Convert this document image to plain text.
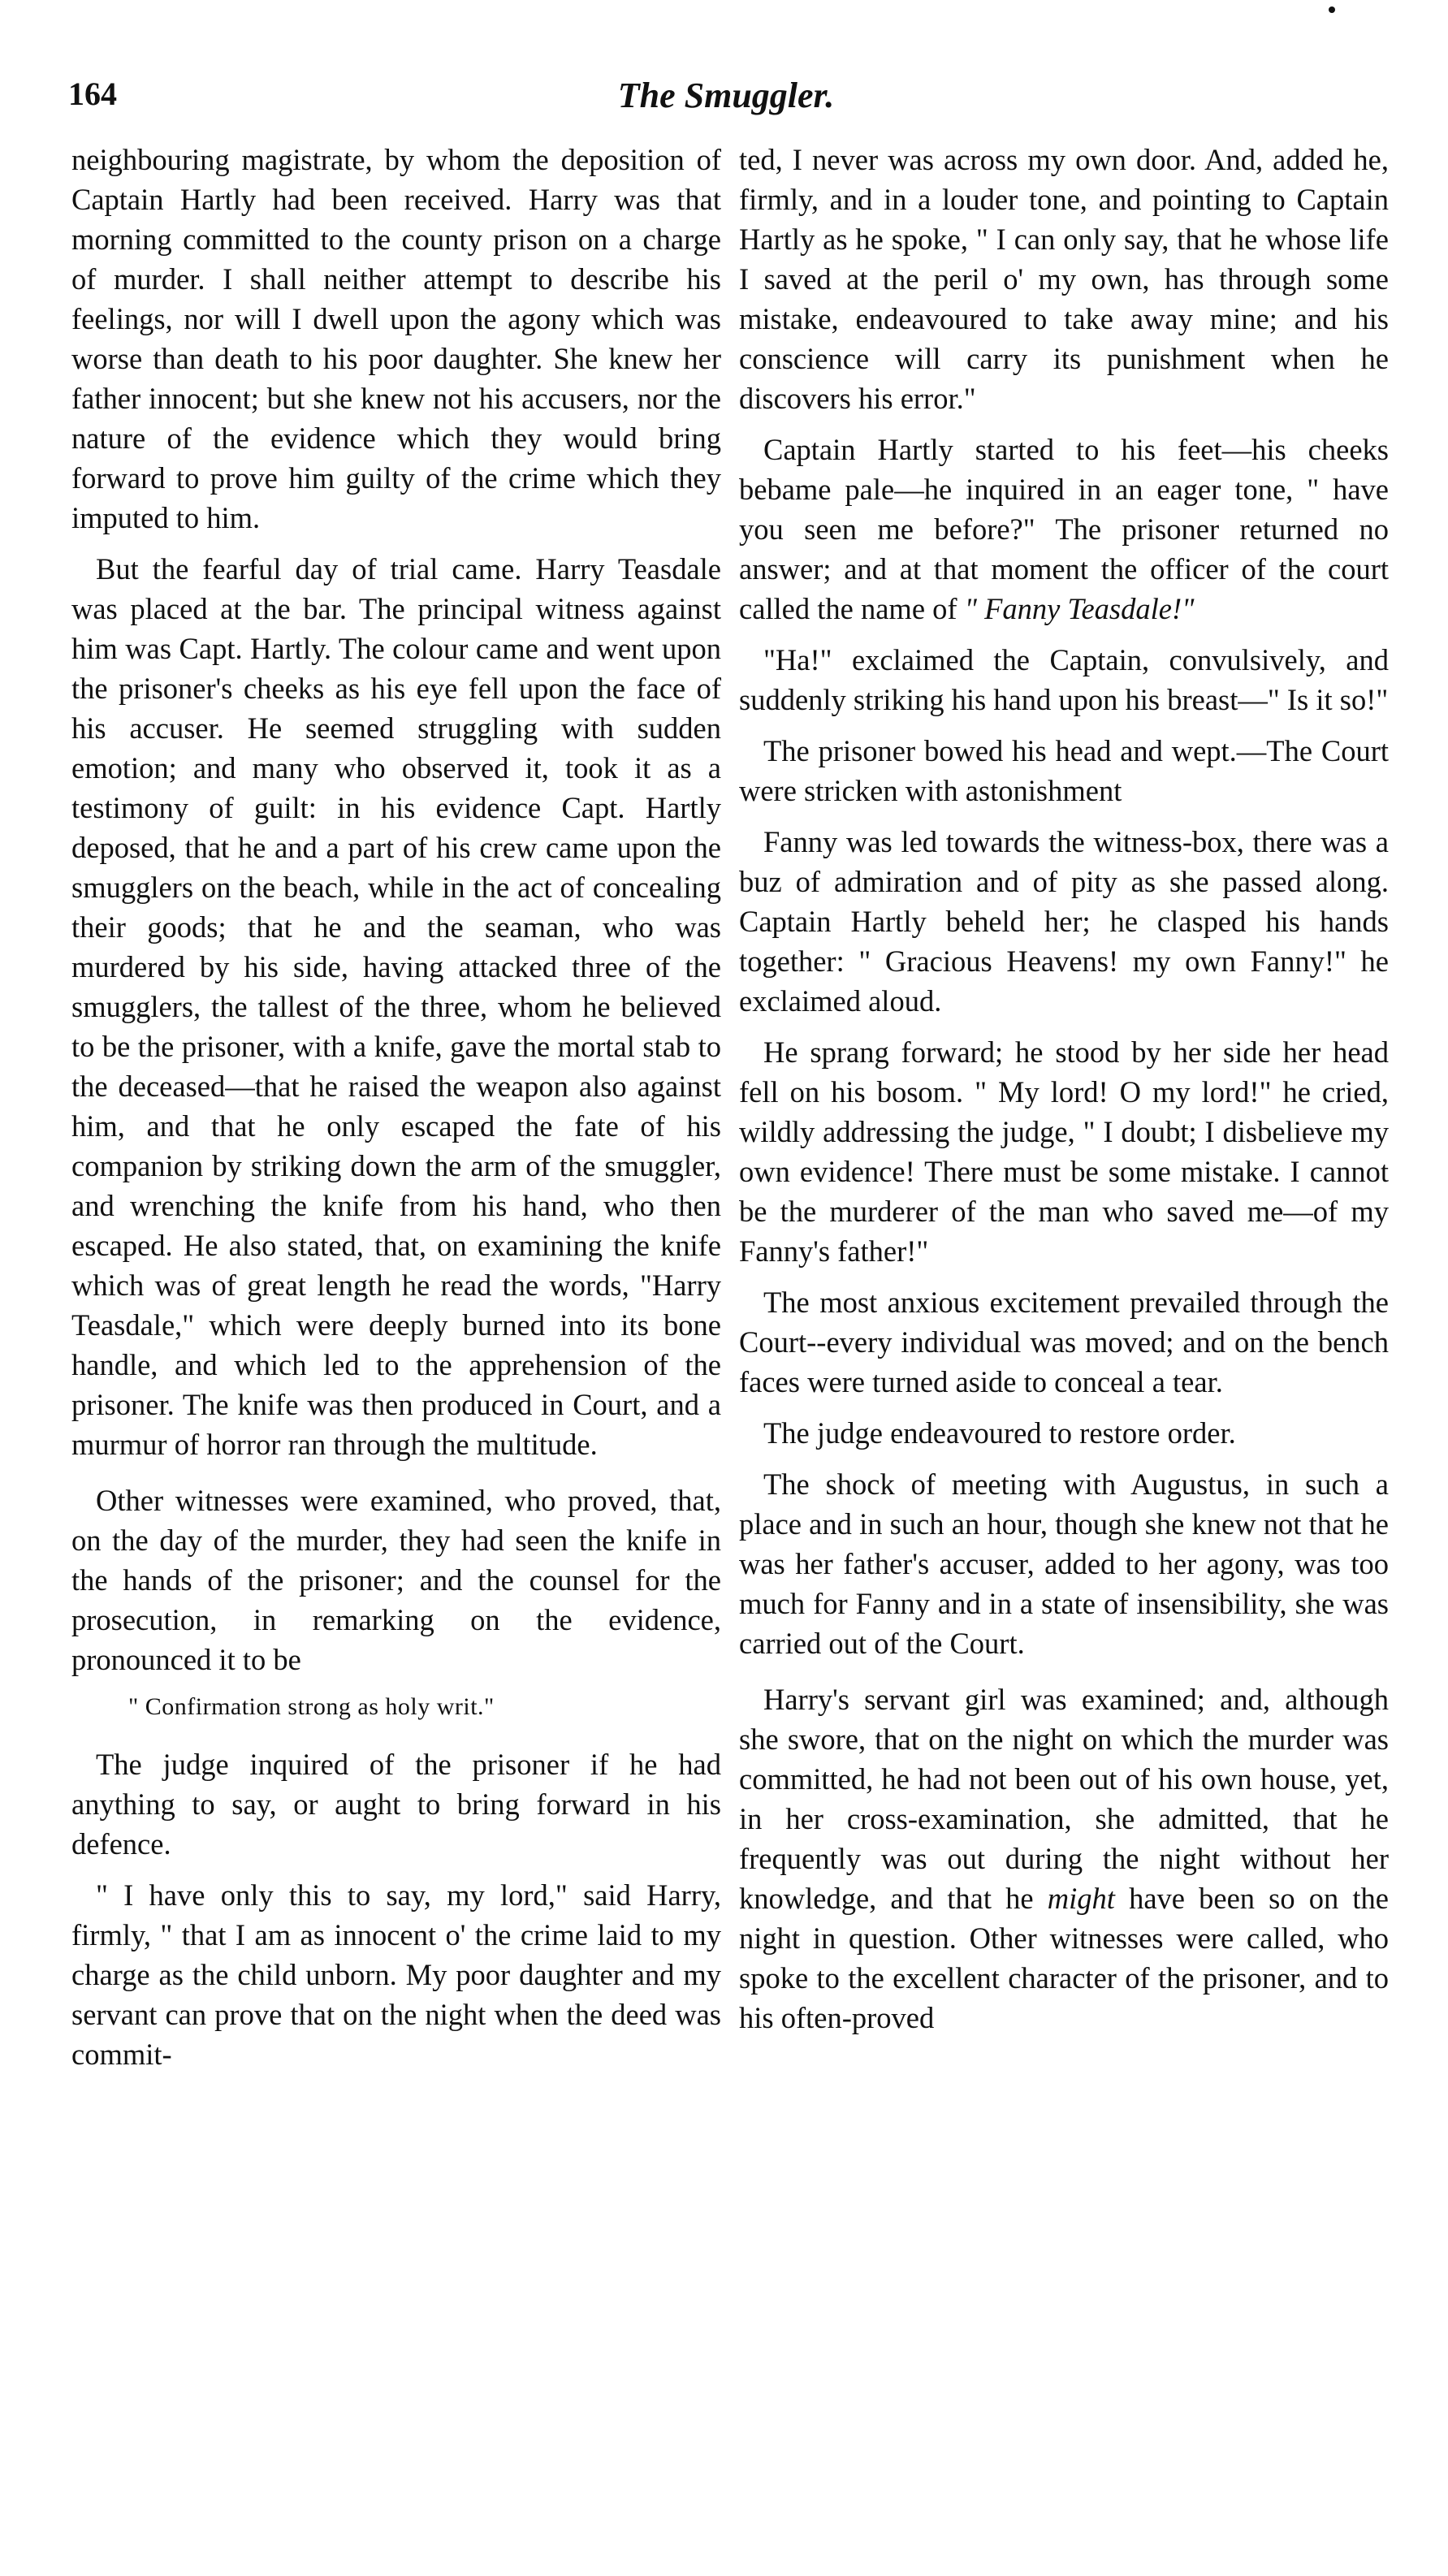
164	The Smuggler.

neighbouring magistrate, by whom the deposition of Captain Hartly had been received. Harry was that morning committed to the county prison on a charge of murder. I shall neither attempt to describe his feelings, nor will I dwell upon the agony which was worse than death to his poor daughter. She knew her father innocent; but she knew not his accusers, nor the nature of the evidence which they would bring forward to prove him guilty of the crime which they imputed to him.

But the fearful day of trial came. Harry Teasdale was placed at the bar. The principal witness against him was Capt. Hartly. The colour came and went upon the prisoner's cheeks as his eye fell upon the face of his accuser. He seemed struggling with sudden emotion; and many who observed it, took it as a testimony of guilt: in his evidence Capt. Hartly deposed, that he and a part of his crew came upon the smugglers on the beach, while in the act of concealing their goods; that he and the seaman, who was murdered by his side, having attacked three of the smugglers, the tallest of the three, whom he believed to be the prisoner, with a knife, gave the mortal stab to the deceased—that he raised the weapon also against him, and that he only escaped the fate of his companion by striking down the arm of the smuggler, and wrenching the knife from his hand, who then escaped. He also stated, that, on examining the knife which was of great length he read the words, "Harry Teasdale," which were deeply burned into its bone handle, and which led to the apprehension of the prisoner. The knife was then produced in Court, and a murmur of horror ran through the multitude.

Other witnesses were examined, who proved, that, on the day of the murder, they had seen the knife in the hands of the prisoner; and the counsel for the prosecution, in remarking on the evidence, pronounced it to be

" Confirmation strong as holy writ."

The judge inquired of the prisoner if he had anything to say, or aught to bring forward in his defence.

" I have only this to say, my lord," said Harry, firmly, " that I am as innocent o' the crime laid to my charge as the child unborn. My poor daughter and my servant can prove that on the night when the deed was commit-

ted, I never was across my own door. And, added he, firmly, and in a louder tone, and pointing to Captain Hartly as he spoke, " I can only say, that he whose life I saved at the peril o' my own, has through some mistake, endeavoured to take away mine; and his conscience will carry its punishment when he discovers his error."

Captain Hartly started to his feet—his cheeks bebame pale—he inquired in an eager tone, " have you seen me before?" The prisoner returned no answer; and at that moment the officer of the court called the name of " Fanny Teasdale!"

"Ha!" exclaimed the Captain, convulsively, and suddenly striking his hand upon his breast—" Is it so!"

The prisoner bowed his head and wept.—The Court were stricken with astonishment

Fanny was led towards the witness-box, there was a buz of admiration and of pity as she passed along. Captain Hartly beheld her; he clasped his hands together: " Gracious Heavens! my own Fanny!" he exclaimed aloud.

He sprang forward; he stood by her side her head fell on his bosom. " My lord! O my lord!" he cried, wildly addressing the judge, " I doubt; I disbelieve my own evidence! There must be some mistake. I cannot be the murderer of the man who saved me—of my Fanny's father!"

The most anxious excitement prevailed through the Court--every individual was moved; and on the bench faces were turned aside to conceal a tear.

The judge endeavoured to restore order.

The shock of meeting with Augustus, in such a place and in such an hour, though she knew not that he was her father's accuser, added to her agony, was too much for Fanny and in a state of insensibility, she was carried out of the Court.

Harry's servant girl was examined; and, although she swore, that on the night on which the murder was committed, he had not been out of his own house, yet, in her cross-examination, she admitted, that he frequently was out during the night without her knowledge, and that he might have been so on the night in question. Other witnesses were called, who spoke to the excellent character of the prisoner, and to his often-proved
